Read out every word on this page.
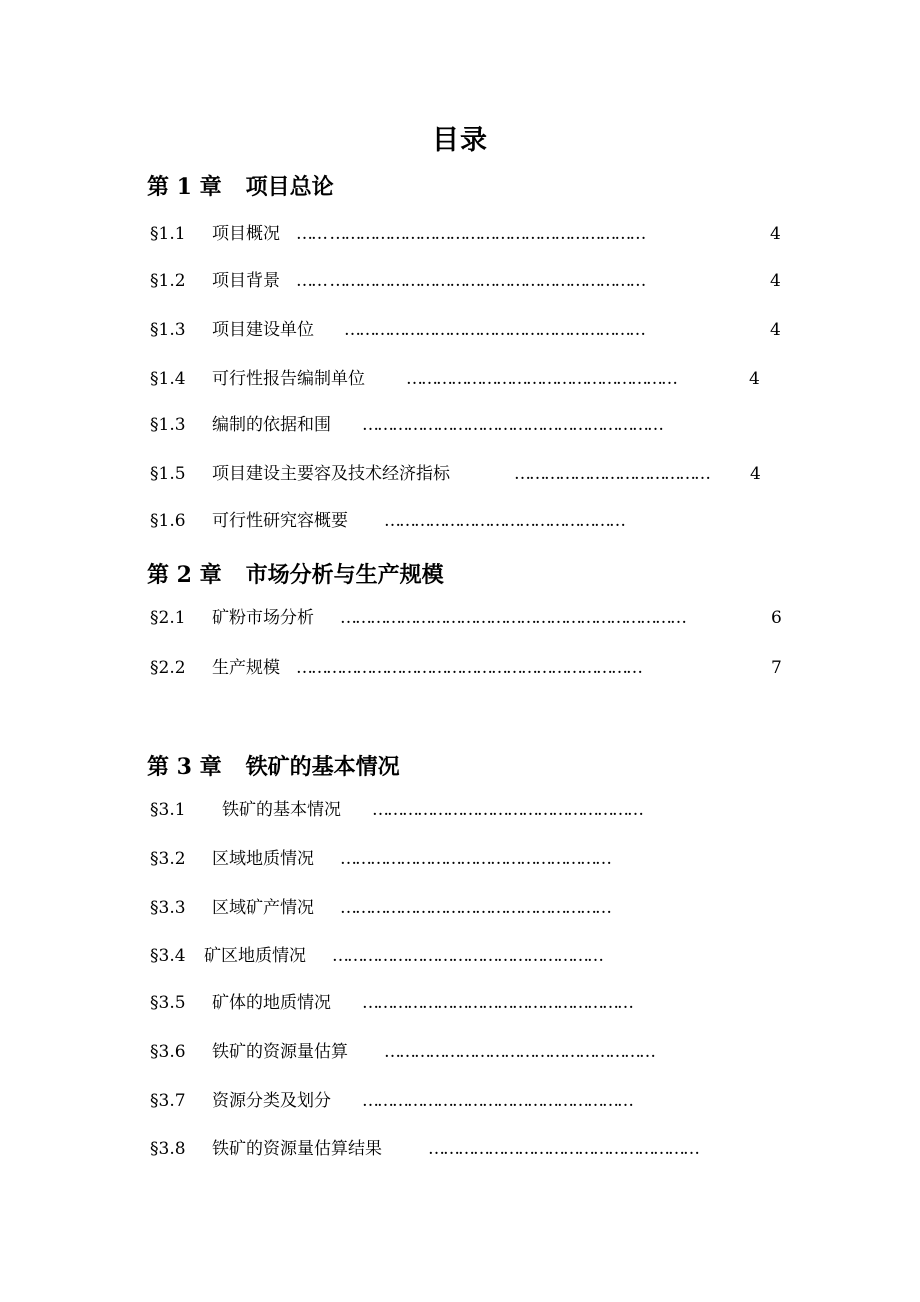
目录
第 1 章 项目总论
§1.1 项目概况 …… ………………………………………………………	4
§1.2 项目背景 …… ………………………………………………………	4
§1.3 项目建设单位 ……………………………………………………	4
§1.4 可行性报告编制单位 ………………………………………………	4
§1.3 编制的依据和围 ……………………………………………………
§1.5 项目建设主要容及技术经济指标	…………………………………	4
§1.6 可行性研究容概要 …………………………………………
第 2 章 市场分析与生产规模
§2.1 矿粉市场分析 ……………………………………………………………	6
§2.2 生产规模 ……………………………………………………………	7
第 3 章 铁矿的基本情况
§3.1 铁矿的基本情况 ………………………………………………
§3.2 区域地质情况 ………………………………………………
§3.3 区域矿产情况 ………………………………………………
§3.4 矿区地质情况 ………………………………………………
§3.5 矿体的地质情况 ………………………………………………
§3.6 铁矿的资源量估算 ………………………………………………
§3.7 资源分类及划分 ………………………………………………
§3.8 铁矿的资源量估算结果	………………………………………………
